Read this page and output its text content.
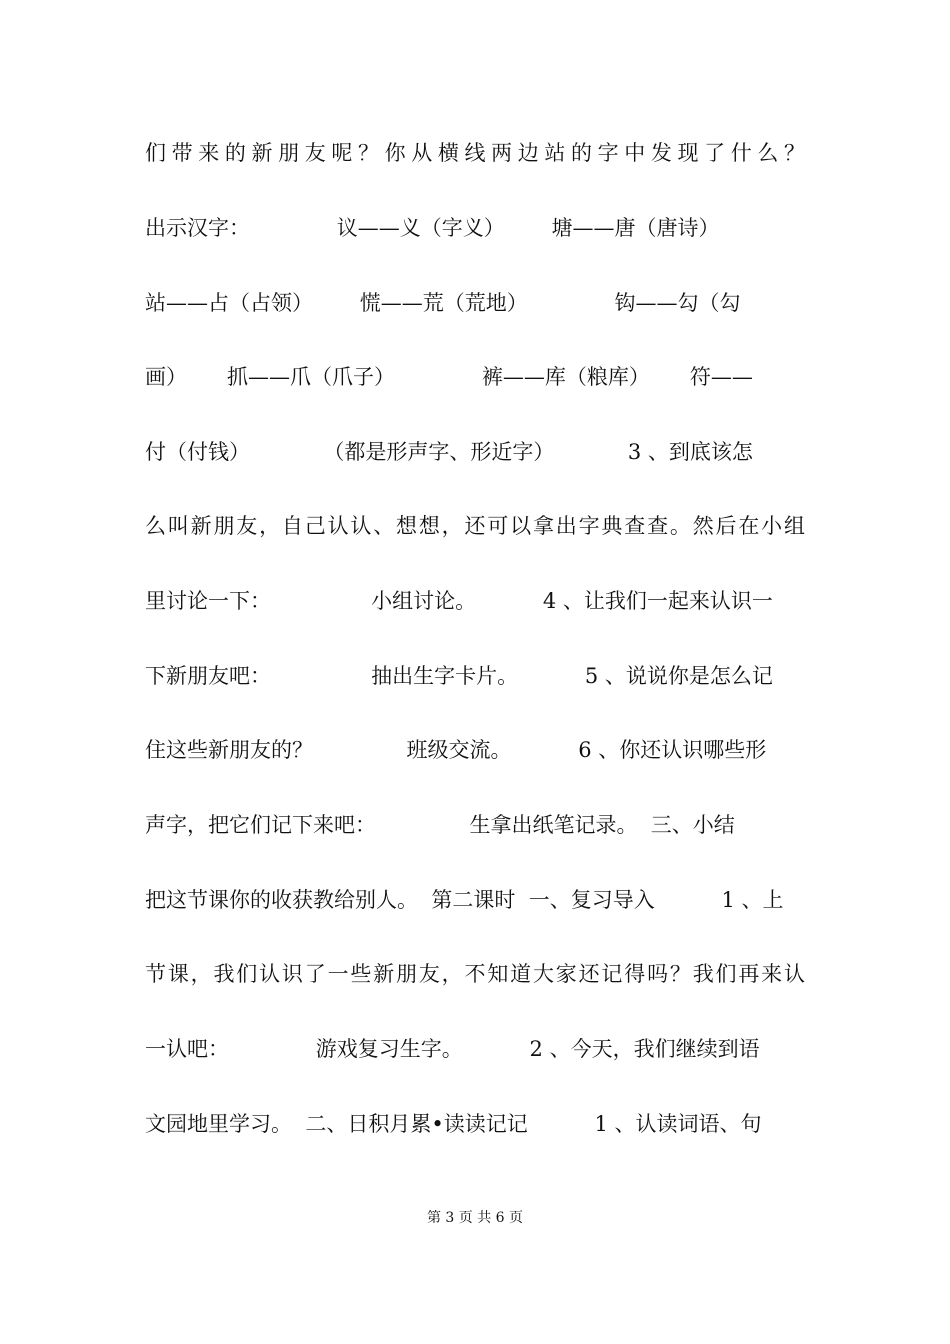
们带来的新朋友呢？你从横线两边站的字中发现了什么？
出示汉字：             议——义（字义）       塘——唐（唐诗）
站——占（占领）       慌——荒（荒地）             钩——勾（勾
画）      抓——爪（爪子）             裤——库（粮库）      符——
付（付钱）           （都是形声字、形近字）           3 、到底该怎
么叫新朋友，自己认认、想想，还可以拿出字典查查。然后在小组
里讨论一下：               小组讨论。          4 、让我们一起来认识一
下新朋友吧：               抽出生字卡片。          5 、说说你是怎么记
住这些新朋友的？              班级交流。          6 、你还认识哪些形
声字，把它们记下来吧：              生拿出纸笔记录。  三、小结
把这节课你的收获教给别人。  第二课时  一、复习导入          1 、上
节课，我们认识了一些新朋友，不知道大家还记得吗？我们再来认
一认吧：             游戏复习生字。          2 、今天，我们继续到语
文园地里学习。  二、日积月累•读读记记          1 、认读词语、句
第 3 页 共 6 页
